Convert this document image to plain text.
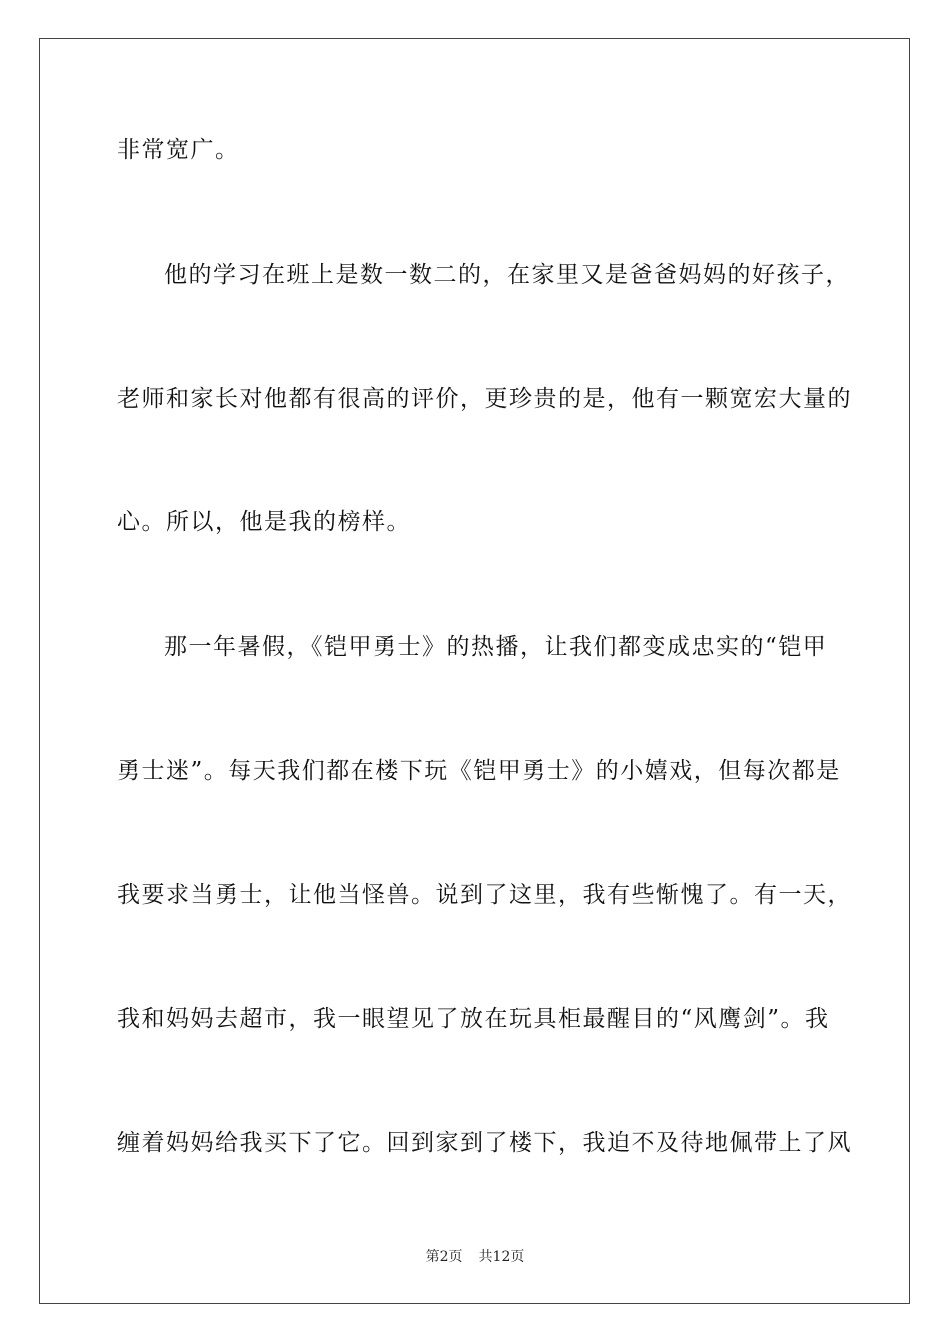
非常宽广。
他的学习在班上是数一数二的，在家里又是爸爸妈妈的好孩子，
老师和家长对他都有很高的评价，更珍贵的是，他有一颗宽宏大量的
心。所以，他是我的榜样。
那一年暑假，《铠甲勇士》的热播，让我们都变成忠实的“铠甲
勇士迷”。每天我们都在楼下玩《铠甲勇士》的小嬉戏，但每次都是
我要求当勇士，让他当怪兽。说到了这里，我有些惭愧了。有一天，
我和妈妈去超市，我一眼望见了放在玩具柜最醒目的“风鹰剑”。我
缠着妈妈给我买下了它。回到家到了楼下，我迫不及待地佩带上了风
第2页 共12页
